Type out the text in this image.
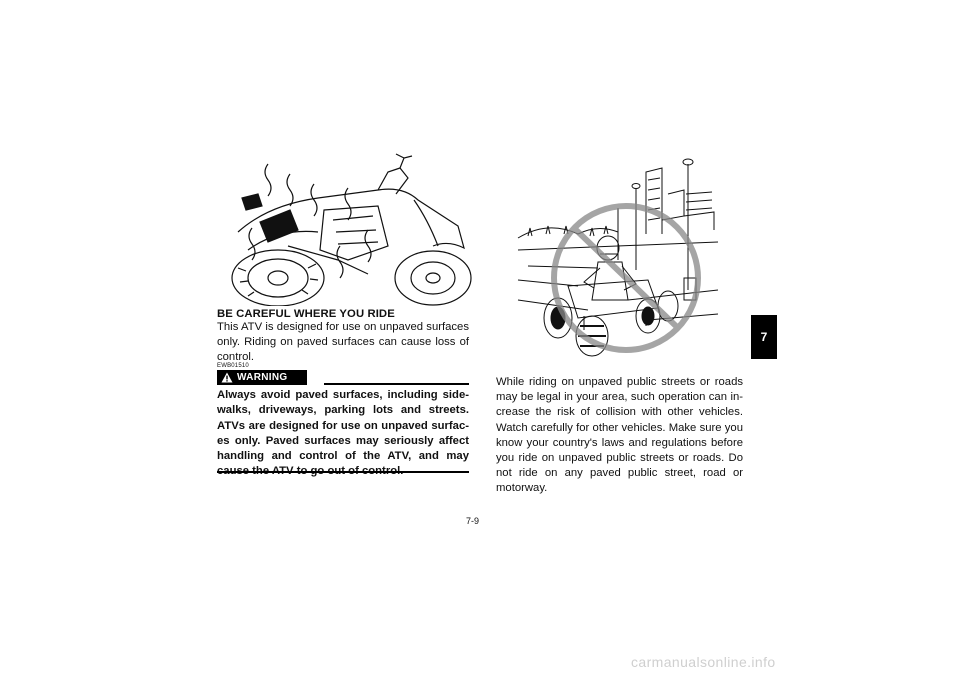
BE CAREFUL WHERE YOU RIDE
This ATV is designed for use on unpaved surfaces only. Riding on paved surfaces can cause loss of control.
EWB01510
WARNING
Always avoid paved surfaces, including side-walks, driveways, parking lots and streets. ATVs are designed for use on unpaved surfac-es only. Paved surfaces may seriously affect handling and control of the ATV, and may
While riding on unpaved public streets or roads may be legal in your area, such operation can in-crease the risk of collision with other vehicles. Watch carefully for other vehicles. Make sure you know your country's laws and regulations before you ride on unpaved public streets or roads. Do not ride on any paved public street, road or motorway.
7-9
7
carmanualsonline.info
